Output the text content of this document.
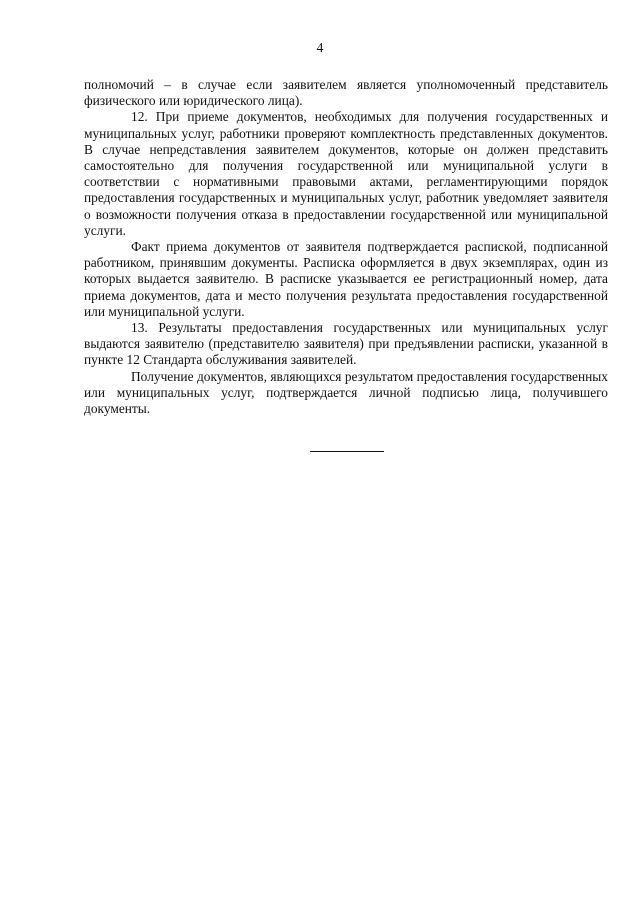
4

полномочий – в случае если заявителем является уполномоченный представитель физического или юридического лица).

12. При приеме документов, необходимых для получения государственных и муниципальных услуг, работники проверяют комплектность представленных документов. В случае непредставления заявителем документов, которые он должен представить самостоятельно для получения государственной или муниципальной услуги в соответствии с нормативными правовыми актами, регламентирующими порядок предоставления государственных и муниципальных услуг, работник уведомляет заявителя о возможности получения отказа в предоставлении государственной или муниципальной услуги.

Факт приема документов от заявителя подтверждается распиской, подписанной работником, принявшим документы. Расписка оформляется в двух экземплярах, один из которых выдается заявителю. В расписке указывается ее регистрационный номер, дата приема документов, дата и место получения результата предоставления государственной или муниципальной услуги.

13. Результаты предоставления государственных или муниципальных услуг выдаются заявителю (представителю заявителя) при предъявлении расписки, указанной в пункте 12 Стандарта обслуживания заявителей.

Получение документов, являющихся результатом предоставления государственных или муниципальных услуг, подтверждается личной подписью лица, получившего документы.
